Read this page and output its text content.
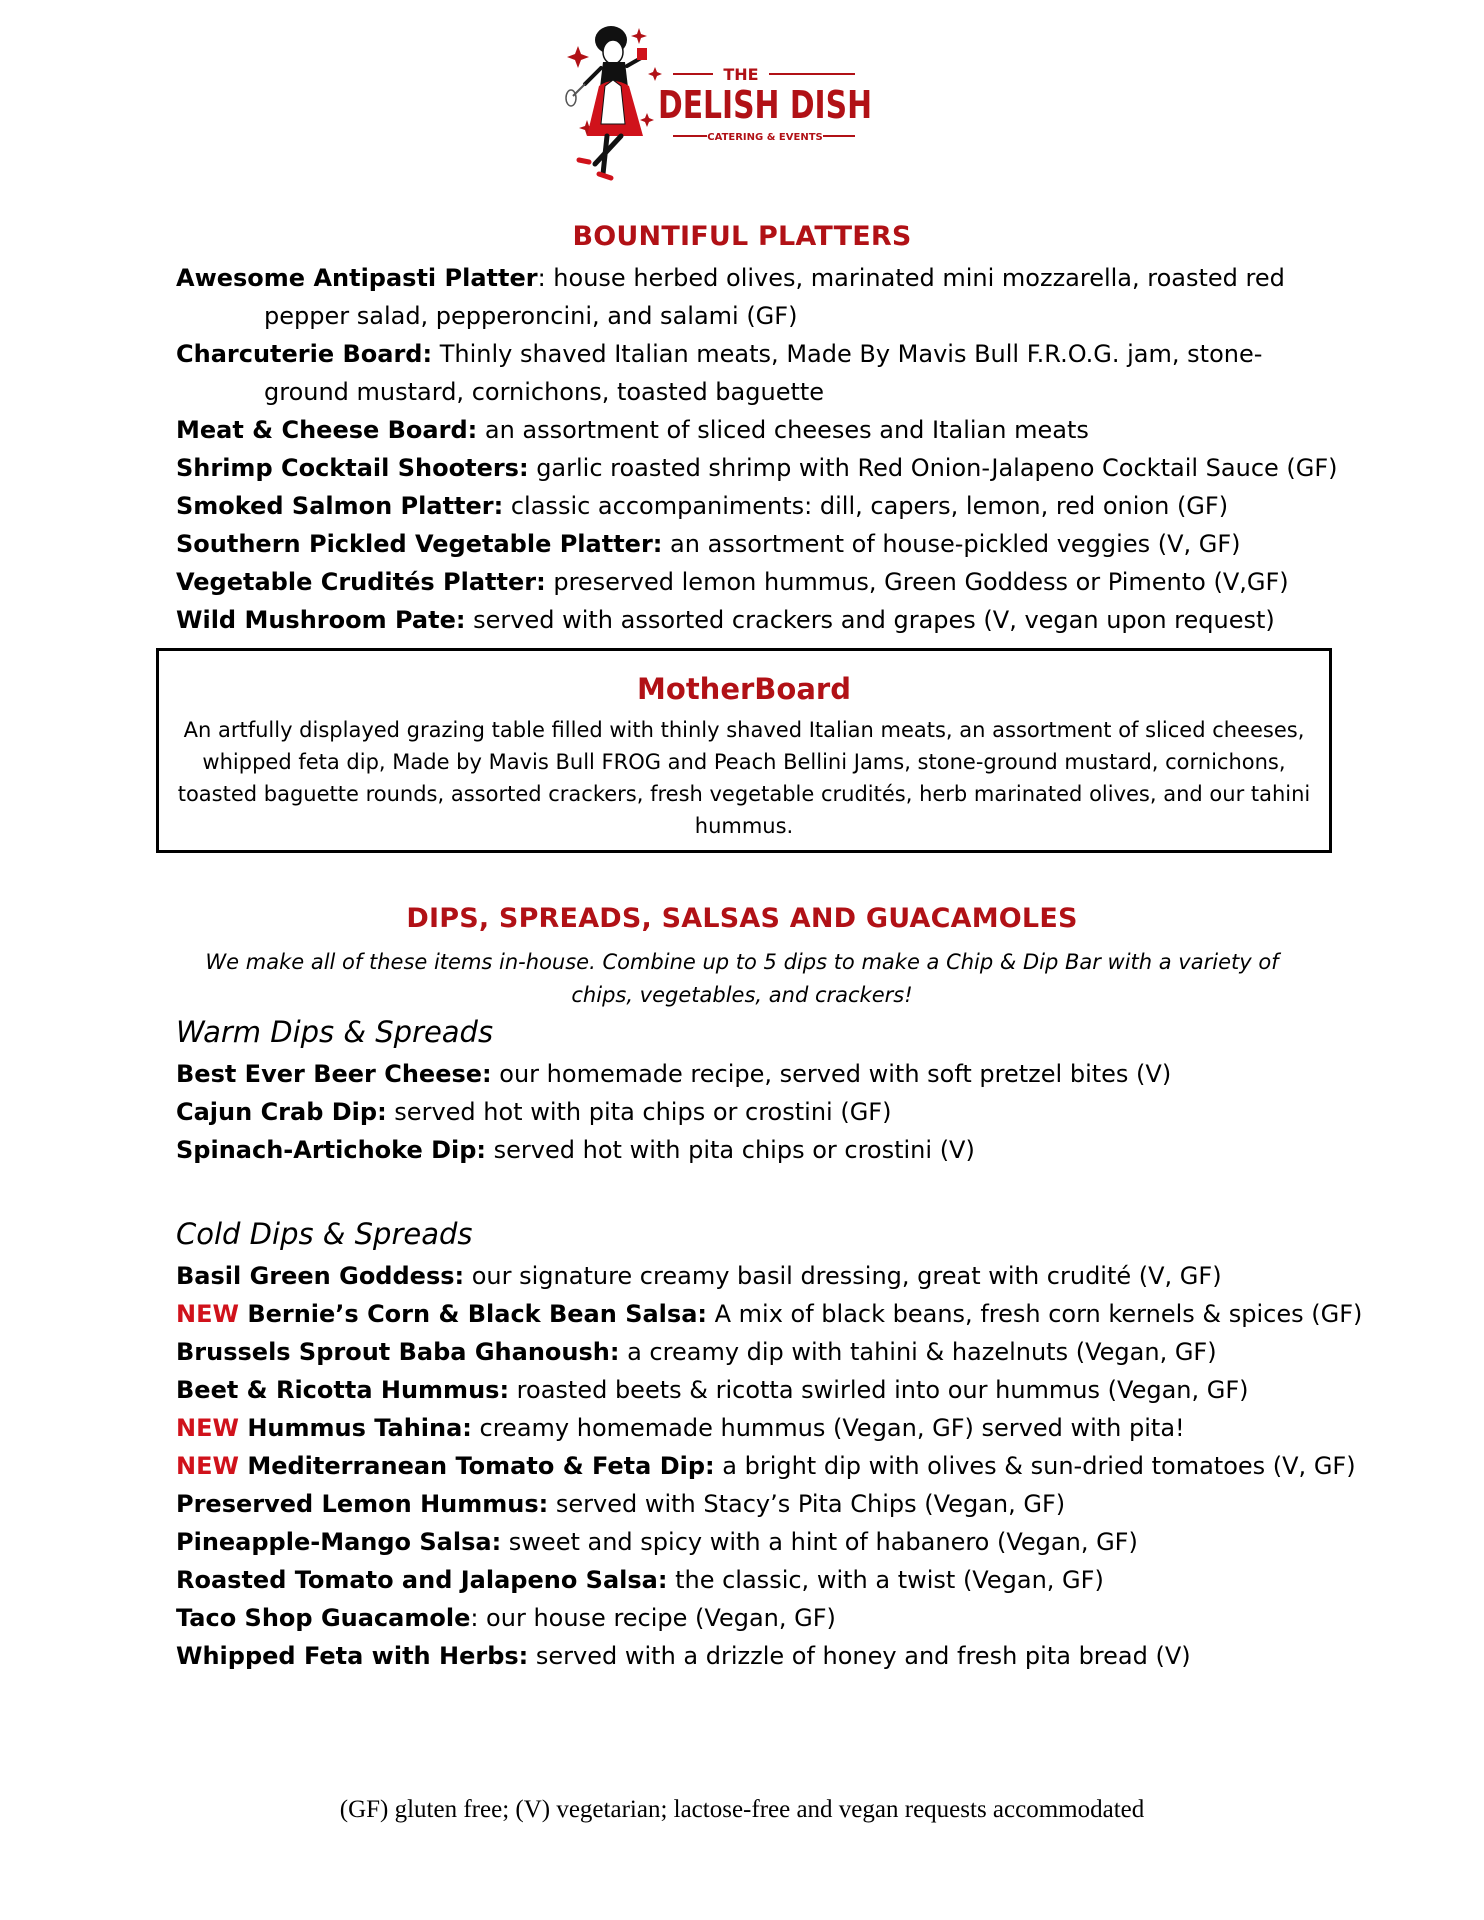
THE
DELISH DISH
CATERING & EVENTS
BOUNTIFUL PLATTERS
Awesome Antipasti Platter: house herbed olives, marinated mini mozzarella, roasted red pepper salad, pepperoncini, and salami (GF)
Charcuterie Board: Thinly shaved Italian meats, Made By Mavis Bull F.R.O.G. jam, stone-ground mustard, cornichons, toasted baguette
Meat & Cheese Board: an assortment of sliced cheeses and Italian meats
Shrimp Cocktail Shooters: garlic roasted shrimp with Red Onion-Jalapeno Cocktail Sauce (GF)
Smoked Salmon Platter: classic accompaniments: dill, capers, lemon, red onion (GF)
Southern Pickled Vegetable Platter: an assortment of house-pickled veggies (V, GF)
Vegetable Crudités Platter: preserved lemon hummus, Green Goddess or Pimento (V,GF)
Wild Mushroom Pate: served with assorted crackers and grapes (V, vegan upon request)
MotherBoard
An artfully displayed grazing table filled with thinly shaved Italian meats, an assortment of sliced cheeses, whipped feta dip, Made by Mavis Bull FROG and Peach Bellini Jams, stone-ground mustard, cornichons, toasted baguette rounds, assorted crackers, fresh vegetable crudités, herb marinated olives, and our tahini hummus.
DIPS, SPREADS, SALSAS AND GUACAMOLES
We make all of these items in-house. Combine up to 5 dips to make a Chip & Dip Bar with a variety of chips, vegetables, and crackers!
Warm Dips & Spreads
Best Ever Beer Cheese: our homemade recipe, served with soft pretzel bites (V)
Cajun Crab Dip: served hot with pita chips or crostini (GF)
Spinach-Artichoke Dip: served hot with pita chips or crostini (V)
Cold Dips & Spreads
Basil Green Goddess: our signature creamy basil dressing, great with crudité (V, GF)
NEW Bernie’s Corn & Black Bean Salsa: A mix of black beans, fresh corn kernels & spices (GF)
Brussels Sprout Baba Ghanoush: a creamy dip with tahini & hazelnuts (Vegan, GF)
Beet & Ricotta Hummus: roasted beets & ricotta swirled into our hummus (Vegan, GF)
NEW Hummus Tahina: creamy homemade hummus (Vegan, GF) served with pita!
NEW Mediterranean Tomato & Feta Dip: a bright dip with olives & sun-dried tomatoes (V, GF)
Preserved Lemon Hummus: served with Stacy’s Pita Chips (Vegan, GF)
Pineapple-Mango Salsa: sweet and spicy with a hint of habanero (Vegan, GF)
Roasted Tomato and Jalapeno Salsa: the classic, with a twist (Vegan, GF)
Taco Shop Guacamole: our house recipe (Vegan, GF)
Whipped Feta with Herbs: served with a drizzle of honey and fresh pita bread (V)
(GF) gluten free; (V) vegetarian; lactose-free and vegan requests accommodated
